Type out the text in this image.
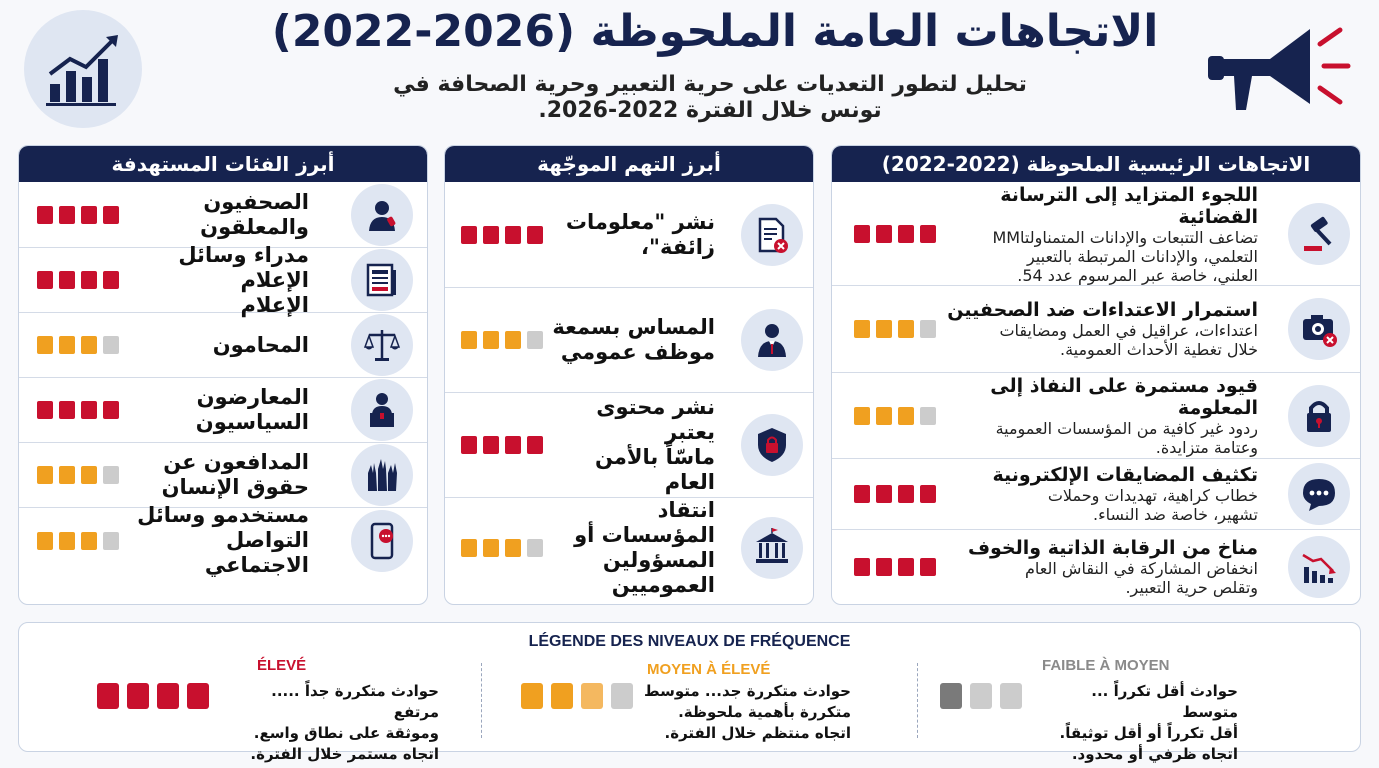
الاتجاهات العامة الملحوظة (2026-2022)
تحليل لتطور التعديات على حرية التعبير وحرية الصحافة في
تونس خلال الفترة 2022-2026.
أبرز الفئات المستهدفة
الصحفيون
والمعلقون
مدراء وسائل الإعلام
الإعلام
المحامون
المعارضون
السياسيون
المدافعون عن
حقوق الإنسان
مستخدمو وسائل
التواصل الاجتماعي
أبرز التهم الموجّهة
نشر "معلومات
زائفة"،
المساس بسمعة
موظف عمومي
نشر محتوى يعتبر
ماسّاً بالأمن العام
انتقاد المؤسسات أو
المسؤولين العموميين
الاتجاهات الرئيسية الملحوظة (2022-2022)
اللجوء المتزايد إلى الترسانة القضائية
تضاعف التتبعات والإدانات المتمناولتاMM
التعلمي، والإدانات المرتبطة بالتعبير
العلني، خاصة عبر المرسوم عدد 54.
استمرار الاعتداءات ضد الصحفيين
اعتداءات، عراقيل في العمل ومضايقات
خلال تغطية الأحداث العمومية.
قيود مستمرة على النفاذ إلى المعلومة
ردود غير كافية من المؤسسات العمومية
وعتامة متزايدة.
تكثيف المضايقات الإلكترونية
خطاب كراهية، تهديدات وحملات
تشهير، خاصة ضد النساء.
مناخ من الرقابة الذاتية والخوف
انخفاض المشاركة في النقاش العام
وتقلص حرية التعبير.
LÉGENDE DES NIVEAUX DE FRÉQUENCE
ÉLEVÉ
حوادث متكررة جداً ..... مرتفع
وموثقة على نطاق واسع.
اتجاه مستمر خلال الفترة.
MOYEN À ÉLEVÉ
حوادث متكررة جد... متوسط
متكررة بأهمية ملحوظة.
اتجاه منتظم خلال الفترة.
FAIBLE À MOYEN
حوادث أقل تكرراً ... متوسط
أقل تكرراً أو أقل توثيقاً.
اتجاه ظرفي أو محدود.
